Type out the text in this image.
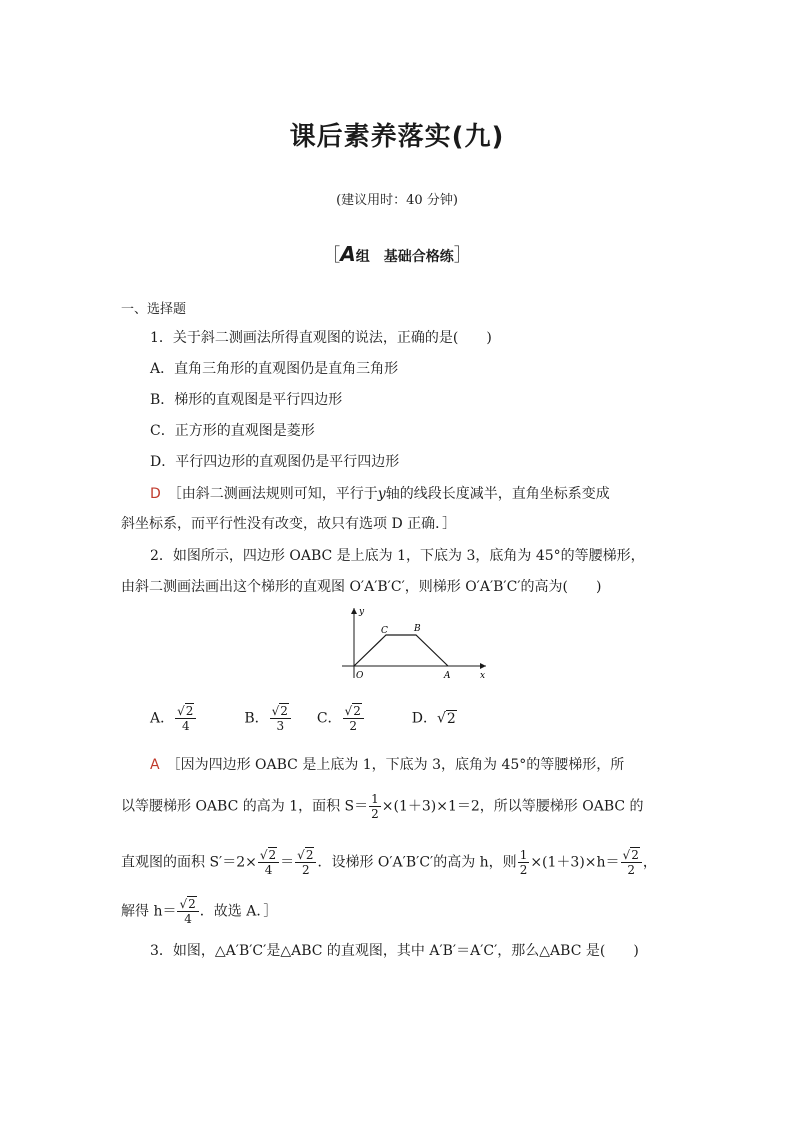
课后素养落实(九)
(建议用时：40 分钟)
［A组　基础合格练］
一、选择题
1．关于斜二测画法所得直观图的说法，正确的是(　　)
A．直角三角形的直观图仍是直角三角形
B．梯形的直观图是平行四边形
C．正方形的直观图是菱形
D．平行四边形的直观图仍是平行四边形
D　 ［由斜二测画法规则可知，平行于y轴的线段长度减半，直角坐标系变成
斜坐标系，而平行性没有改变，故只有选项 D 正确．］
2．如图所示，四边形 OABC 是上底为 1，下底为 3，底角为 45°的等腰梯形，
由斜二测画法画出这个梯形的直观图 O′A′B′C′，则梯形 O′A′B′C′的高为(　　)
y
x
O	A
B
C
A． $\frac{√2}{4}$	B． $\frac{√2}{3}$ C． $\frac{√2}{2}$	D．√2
A　 ［因为四边形 OABC 是上底为 1，下底为 3，底角为 45°的等腰梯形，所
以等腰梯形 OABC 的高为 1，面积 $S= \frac{1}{2} \times(1+3)\times 1=2$，所以等腰梯形 OABC 的
直观图的面积 $S'=2\times \frac{√2}{4} = \frac{√2}{2}$ ．设梯形 O′A′B′C′的高为 h，则 $\frac{1}{2} \times(1+3)\times h= \frac{√2}{2}$ ，
解得 $h= \frac{√2}{4}$ ．故选 A．］
3．如图，△A′B′C′是△ABC 的直观图，其中 A′B′＝A′C′，那么△ABC 是(　　)
